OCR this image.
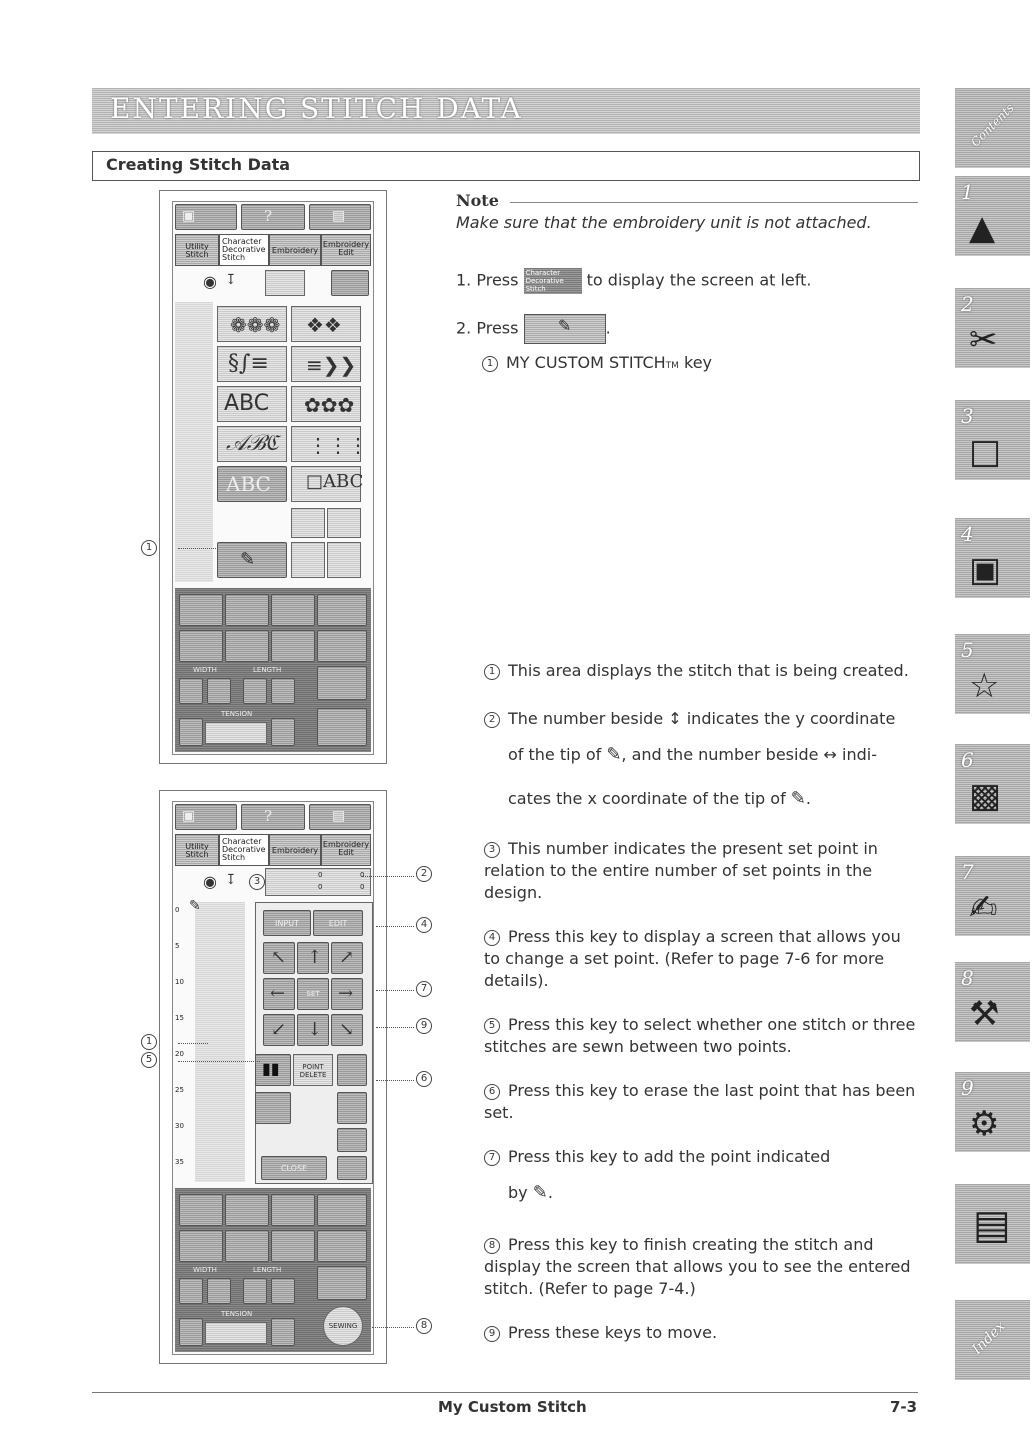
ENTERING STITCH DATA
Creating Stitch Data
▣	?	▤
Utility Stitch
Character Decorative Stitch
Embroidery
Embroidery Edit
◉ ↧
❁❁❁ ❖❖
§∫≡ ≡❯❯
ABC ✿✿✿
𝒜ℬℭ ⋮⋮⋮
ABC □ABC
✎
WIDTH	LENGTH
TENSION
1
▣	?	▤
Utility Stitch
Character Decorative Stitch
Embroidery
Embroidery Edit
◉ ↧	3
0	0
0	0
0
5
10
15
20
25
30
35
✎
INPUT	EDIT
↖ ↑ ↗
←	SET	→
↙ ↓ ↘
▮▮	POINT DELETE
CLOSE
WIDTH	LENGTH
TENSION
SEWING
1
5
2
4
7
9
6
8
Note
Make sure that the embroidery unit is not attached.
1. Press Character Decorative Stitch	to display the screen at left.
2. Press ✎ .
1 MY CUSTOM STITCHTM key
1 This area displays the stitch that is being created.
2 The number beside ↕ indicates the y coordinate
of the tip of ✎, and the number beside ↔ indi-
cates the x coordinate of the tip of ✎.
3 This number indicates the present set point in relation to the entire number of set points in the design.
4 Press this key to display a screen that allows you to change a set point. (Refer to page 7-6 for more details).
5 Press this key to select whether one stitch or three stitches are sewn between two points.
6 Press this key to erase the last point that has been set.
7 Press this key to add the point indicated
by ✎.
8 Press this key to finish creating the stitch and display the screen that allows you to see the entered stitch. (Refer to page 7-4.)
9 Press these keys to move.
Contents
1
▲
2
✂
3
□
4
▣
5
☆
6
▩
7
✍
8
⚒
9
⚙
▤
Index
My Custom Stitch	7-3
